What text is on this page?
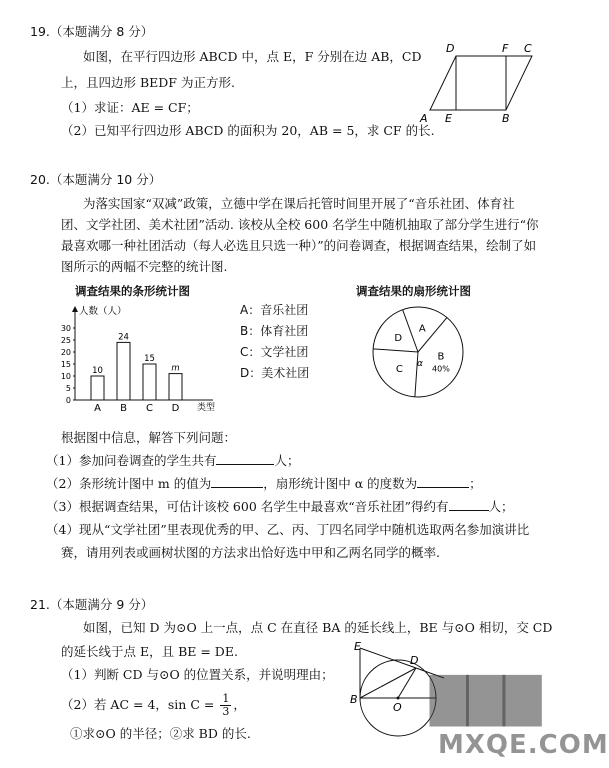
19.（本题满分 8 分）
如图，在平行四边形 ABCD 中，点 E，F 分别在边 AB，CD
上，且四边形 BEDF 为正方形.
（1）求证：AE = CF；
（2）已知平行四边形 ABCD 的面积为 20，AB = 5，求 CF 的长.
D	F C
A E	B
20.（本题满分 10 分）
为落实国家“双减”政策，立德中学在课后托管时间里开展了“音乐社团、体育社
团、文学社团、美术社团”活动. 该校从全校 600 名学生中随机抽取了部分学生进行“你
最喜欢哪一种社团活动（每人必选且只选一种）”的问卷调查，根据调查结果，绘制了如
图所示的两幅不完整的统计图.
调查结果的条形统计图	调查结果的扇形统计图
人数（人）
类型
0
5
10
15
20
25
30
10
A
24
B
15
C
m
D
A：音乐社团
B：体育社团
C：文学社团
D：美术社团
A
B
40%
C
α
D
根据图中信息，解答下列问题：
（1）参加问卷调查的学生共有	人；
（2）条形统计图中 m 的值为	，扇形统计图中 α 的度数为	；
（3）根据调查结果，可估计该校 600 名学生中最喜欢“音乐社团”得约有	人；
（4）现从“文学社团”里表现优秀的甲、乙、丙、丁四名同学中随机选取两名参加演讲比
赛，请用列表或画树状图的方法求出恰好选中甲和乙两名同学的概率.
21.（本题满分 9 分）
如图，已知 D 为⊙O 上一点，点 C 在直径 BA 的延长线上，BE 与⊙O 相切，交 CD
的延长线于点 E，且 BE = DE.
（1）判断 CD 与⊙O 的位置关系，并说明理由；
（2）若 AC = 4，$\sin C = \frac{1}{3}$ ，
①求⊙O 的半径；②求 BD 的长.
E
D
B
O ▇▇▇
MXQE.COM
